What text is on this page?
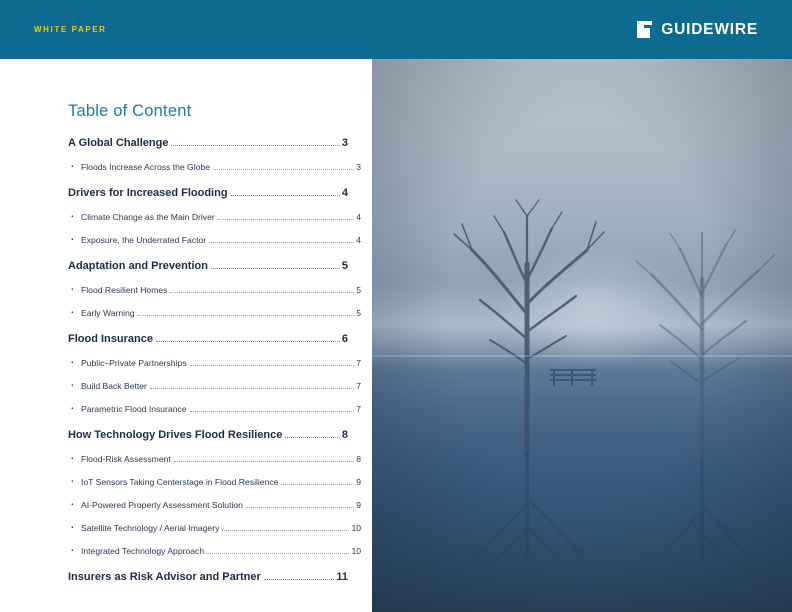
WHITE PAPER	GUIDEWIRE
Table of Content
A Global Challenge	3
· Floods Increase Across the Globe	3
Drivers for Increased Flooding	4
· Climate Change as the Main Driver	4
· Exposure, the Underrated Factor	4
Adaptation and Prevention	5
· Flood Resilient Homes	5
· Early Warning	5
Flood Insurance	6
· Public–Private Partnerships	7
· Build Back Better	7
· Parametric Flood Insurance	7
How Technology Drives Flood Resilience	8
· Flood-Risk Assessment	8
· IoT Sensors Taking Centerstage in Flood Resilience	9
· AI-Powered Property Assessment Solution	9
· Satellite Technology / Aerial Imagery	10
· Integrated Technology Approach	10
Insurers as Risk Advisor and Partner	11
